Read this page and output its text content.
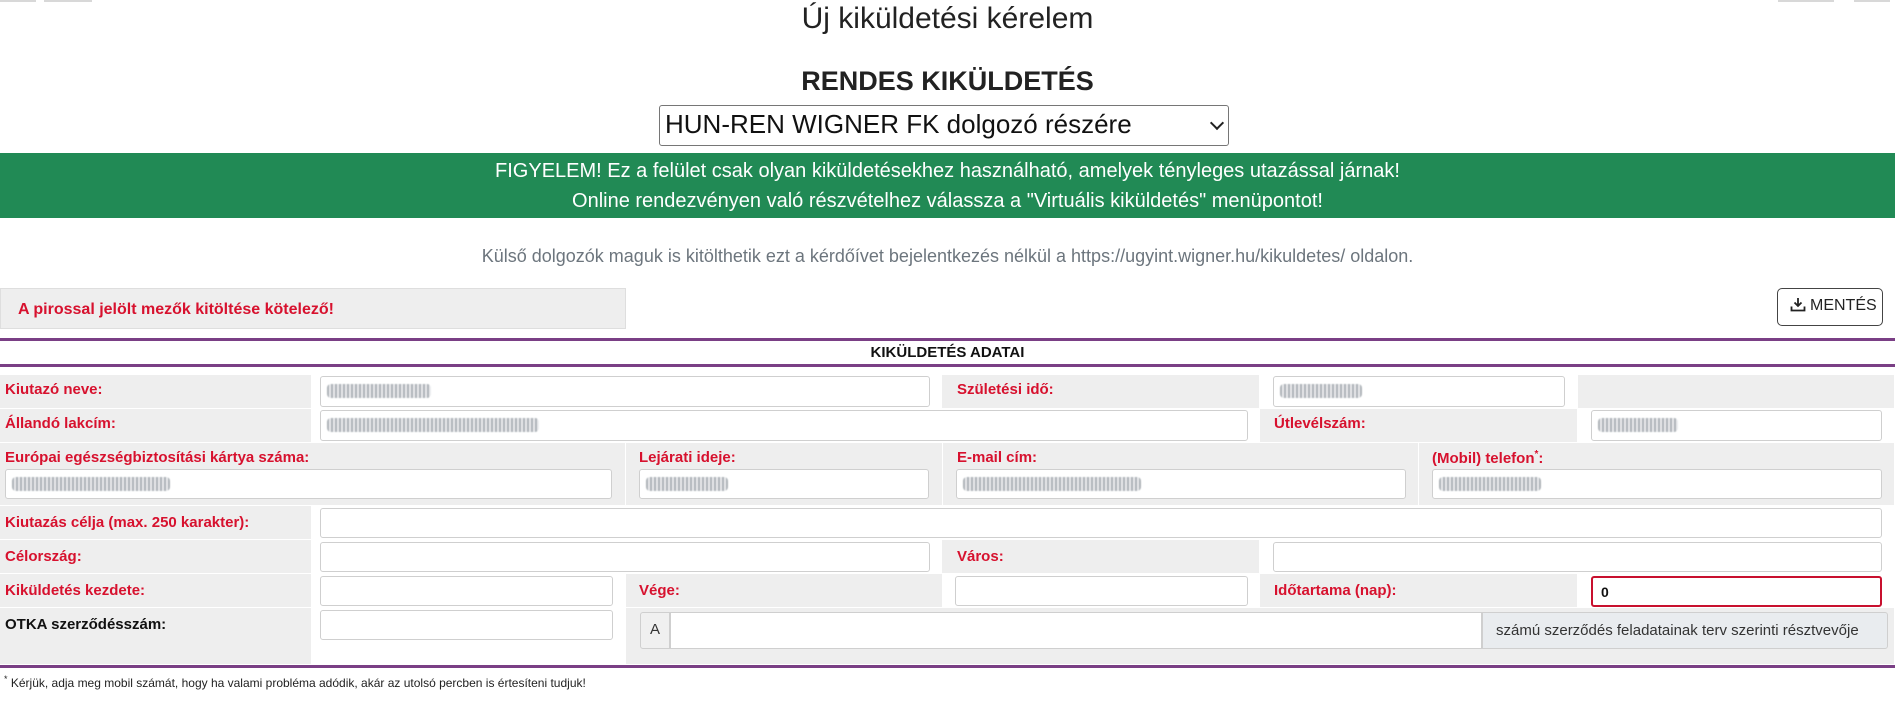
Új kiküldetési kérelem
RENDES KIKÜLDETÉS
HUN-REN WIGNER FK dolgozó részére
FIGYELEM! Ez a felület csak olyan kiküldetésekhez használható, amelyek tényleges utazással járnak!
Online rendezvényen való részvételhez válassza a "Virtuális kiküldetés" menüpontot!
Külső dolgozók maguk is kitölthetik ezt a kérdőívet bejelentkezés nélkül a https://ugyint.wigner.hu/kikuldetes/ oldalon.
A pirossal jelölt mezők kitöltése kötelező!	MENTÉS
KIKÜLDETÉS ADATAI
Kiutazó neve:	Születési idő:
Állandó lakcím:	Útlevélszám:
Európai egészségbiztosítási kártya száma:	Lejárati ideje:	E-mail cím:	(Mobil) telefon*:
Kiutazás célja (max. 250 karakter):
Célország:	Város:
Kiküldetés kezdete:	Vége:	Időtartama (nap):	0
OTKA szerződésszám:	A	számú szerződés feladatainak terv szerinti résztvevője
* Kérjük, adja meg mobil számát, hogy ha valami probléma adódik, akár az utolsó percben is értesíteni tudjuk!
